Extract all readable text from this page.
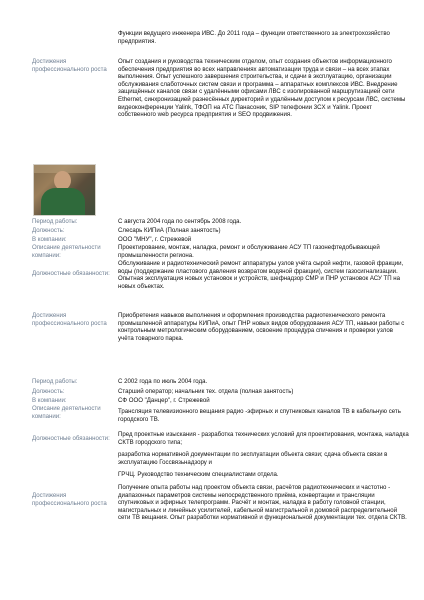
Функции ведущего инженера ИВС. До 2011 года – функции ответственного за электрохозяйство предприятия.
Достижения профессионального роста
Опыт создания и руководства техническим отделом, опыт создания объектов информационного обеспечения предприятия во всех направлениях автоматизации труда и связи – на всех этапах выполнения. Опыт успешного завершения строительства, и сдачи в эксплуатацию, организации обслуживания слаботочных систем связи и программа – аппаратных комплексов ИВС. Внедрение защищённых каналов связи с удалёнными офисами ЛВС с изолированной маршрутизацией сети Ethernet, синхронизацией разнесённых директорий и удалённым доступом к ресурсам ЛВС, системы видеоконференции Yalink, ТФОП на АТС Панасоник, SIP телефонии 3CX и Yalink. Проект собственного web ресурса предприятия и SEO продвижения.
Период работы:	С августа 2004 года по сентябрь 2008 года.
Должность:	Слесарь КИПиА (Полная занятость)
В компании:	ООО "МНУ", г. Стрежевой
Описание деятельности компании:
Проектирование, монтаж, наладка, ремонт и обслуживание АСУ ТП газонефтедобывающей промышленности региона.
Должностные обязанности:
Обслуживание и радиотехнический ремонт аппаратуры узлов учёта сырой нефти, газовой фракции, воды (поддержание пластового давления возвратом водяной фракции), систем газосигнализации. Опытная эксплуатация новых установок и устройств, шефнадзор СМР и ПНР установок АСУ ТП на новых объектах.
Достижения профессионального роста
Приобретения навыков выполнения и оформления производства радиотехнического ремонта промышленной аппаратуры КИПиА, опыт ПНР новых видов оборудования АСУ ТП, навыки работы с контрольным метрологическим оборудованием, освоение процедура спичения и проверки узлов учёта товарного парка.
Период работы:	С 2002 года по июль 2004 года.
Должность:	Старший оператор; начальник тех. отдела (полная занятость)
В компании:	СФ ООО "Данцер", г. Стрежевой
Описание деятельности компании:
Трансляция телевизионного вещания радио -эфирных и спутниковых каналов ТВ в кабельную сеть городского ТВ.
Должностные обязанности:

Пред проектные изыскания - разработка технических условий для проектирования, монтажа, наладка СКТВ городского типа;

разработка нормативной документации по эксплуатации объекта связи; сдача объекта связи в эксплуатацию Госсвязьнадзору и

ГРЧЦ. Руководство техническим специалистами отдела.

Достижения профессионального роста
Получение опыта работы над проектом объекта связи, расчётов радиотехнических и частотно - диапазонных параметров системы непосредственного приёма, конвертации и трансляции спутниковых и эфирных телепрограмм. Расчёт и монтаж, наладка в работу головной станции, магистральных и линейных усилителей, кабельной магистральной и домовой распределительной сети ТВ вещания. Опыт разработки нормативной и функциональной документации тех. отдела СКТВ.
